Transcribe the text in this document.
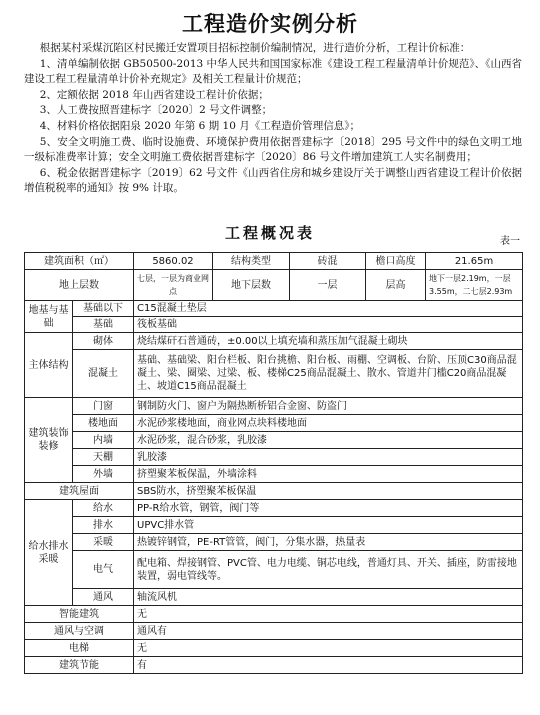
工程造价实例分析

根据某村采煤沉陷区村民搬迁安置项目招标控制价编制情况，进行造价分析，工程计价标准：

1、清单编制依据 GB50500-2013 中华人民共和国国家标准《建设工程工程量清单计价规范》、《山西省建设工程工程量清单计价补充规定》及相关工程量计价规范；

2、定额依据 2018 年山西省建设工程计价依据；

3、人工费按照晋建标字〔2020〕2 号文件调整；

4、材料价格依据阳泉 2020 年第 6 期 10 月《工程造价管理信息》；

5、安全文明施工费、临时设施费、环境保护费用依据晋建标字〔2018〕295 号文件中的绿色文明工地一级标准费率计算；安全文明施工费依据晋建标字〔2020〕86 号文件增加建筑工人实名制费用；

6、税金依据晋建标字〔2019〕62 号文件《山西省住房和城乡建设厅关于调整山西省建设工程计价依据增值税税率的通知》按 9% 计取。

工程概况表	表一
建筑面积（㎡）		5860.02	结构类型	砖混	檐口高度	21.65m
地上层数		七层，一层为商业网点	地下层数	一层	层高	地下一层2.19m，一层3.55m，二七层2.93m
地基与基础	基础以下	C15混凝土垫层				
	基础	筏板基础				
主体结构	砌体	烧结煤矸石普通砖，±0.00以上填充墙和蒸压加气混凝土砌块				
	混凝土	基础、基础梁、阳台栏板、阳台挑檐、阳台板、雨棚、空调板、台阶、压顶C30商品混凝土、梁、圈梁、过梁、板、楼梯C25商品混凝土、散水、管道井门槛C20商品混凝土、坡道C15商品混凝土				
建筑装饰装修	门窗	钢制防火门、窗户为隔热断桥铝合金窗、防盗门				
	楼地面	水泥砂浆楼地面，商业网点块料楼地面				
	内墙	水泥砂浆，混合砂浆，乳胶漆				
	天棚	乳胶漆				
	外墙	挤塑聚苯板保温，外墙涂料				
建筑屋面		SBS防水，挤塑聚苯板保温				
给水排水采暖	给水	PP-R给水管，钢管，阀门等				
	排水	UPVC排水管				
	采暖	热镀锌钢管，PE-RT管管，阀门，分集水器，热量表				
	电气	配电箱、焊接钢管、PVC管、电力电缆、铜芯电线，普通灯具、开关、插座，防雷接地装置，弱电管线等。				
	通风	轴流风机				
智能建筑		无				
通风与空调		通风有				
电梯		无				
建筑节能		有				
